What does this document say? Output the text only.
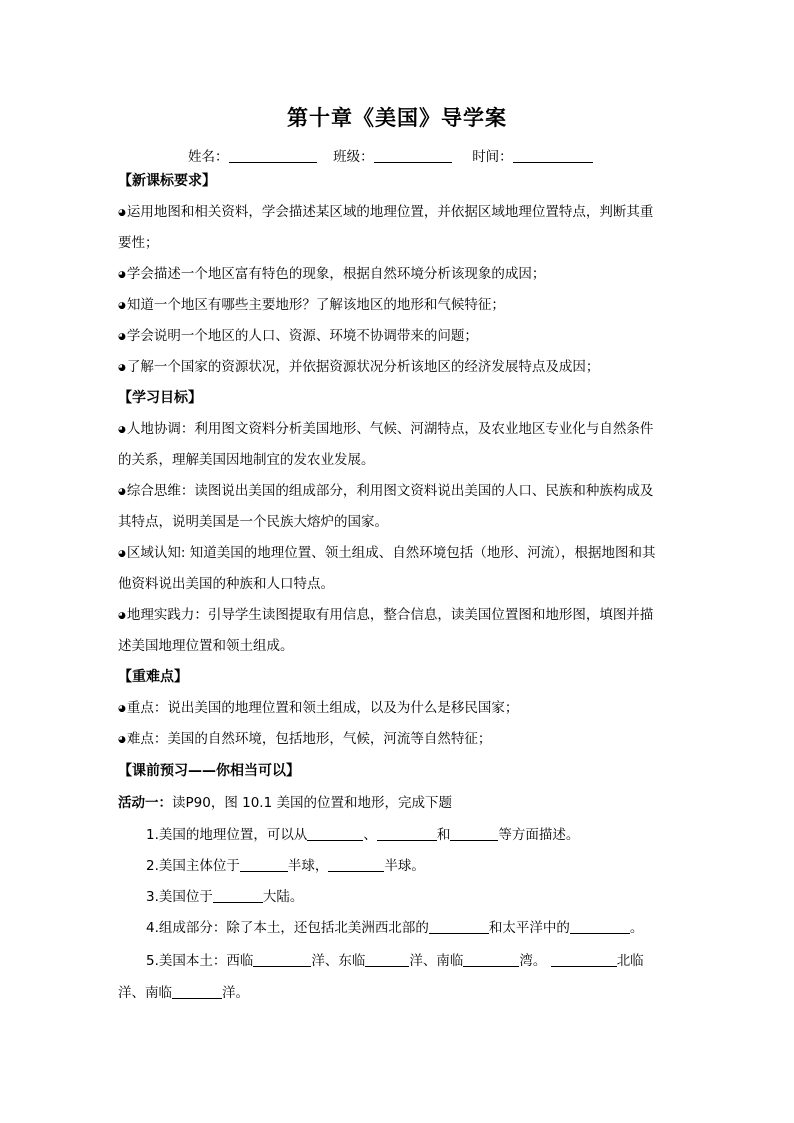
第十章《美国》导学案
姓名：	班级：	时间：
【新课标要求】
◕运用地图和相关资料，学会描述某区域的地理位置，并依据区域地理位置特点，判断其重
要性；
◕学会描述一个地区富有特色的现象，根据自然环境分析该现象的成因；
◕知道一个地区有哪些主要地形？了解该地区的地形和气候特征；
◕学会说明一个地区的人口、资源、环境不协调带来的问题；
◕了解一个国家的资源状况，并依据资源状况分析该地区的经济发展特点及成因；
【学习目标】
◕人地协调：利用图文资料分析美国地形、气候、河湖特点，及农业地区专业化与自然条件
的关系，理解美国因地制宜的发农业发展。
◕综合思维：读图说出美国的组成部分，利用图文资料说出美国的人口、民族和种族构成及
其特点，说明美国是一个民族大熔炉的国家。
◕区域认知: 知道美国的地理位置、领土组成、自然环境包括（地形、河流），根据地图和其
他资料说出美国的种族和人口特点。
◕地理实践力：引导学生读图提取有用信息，整合信息，读美国位置图和地形图，填图并描
述美国地理位置和领土组成。
【重难点】
◕重点：说出美国的地理位置和领土组成，以及为什么是移民国家；
◕难点：美国的自然环境，包括地形，气候，河流等自然特征；
【课前预习——你相当可以】
活动一：读P90，图 10.1 美国的位置和地形，完成下题
1.美国的地理位置，可以从	、	和	等方面描述。
2.美国主体位于	半球，	半球。
3.美国位于	大陆。
4.组成部分：除了本土，还包括北美洲西北部的	和太平洋中的	。
5.美国本土：西临	洋、东临	洋、南临	湾。	北临
洋、南临	洋。
